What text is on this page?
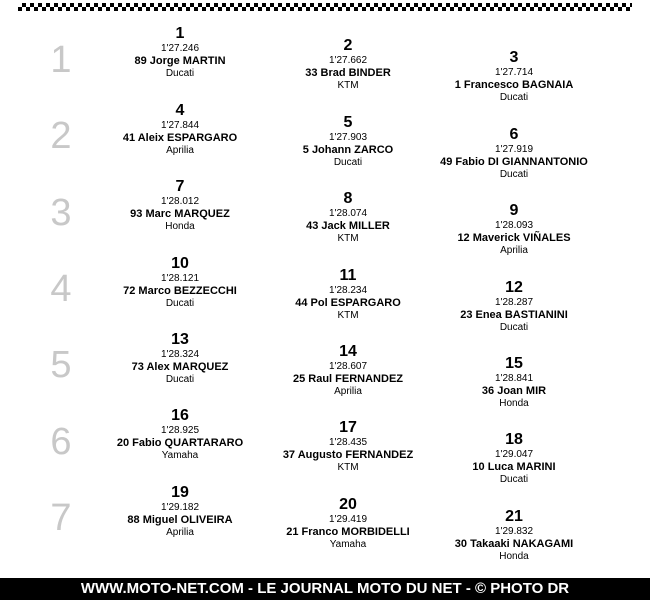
1
2
3
4
5
6
7
1
1'27.246
89 Jorge MARTIN
Ducati
2
1'27.662
33 Brad BINDER
KTM
3
1'27.714
1 Francesco BAGNAIA
Ducati
4
1'27.844
41 Aleix ESPARGARO
Aprilia
5
1'27.903
5 Johann ZARCO
Ducati
6
1'27.919
49 Fabio DI GIANNANTONIO
Ducati
7
1'28.012
93 Marc MARQUEZ
Honda
8
1'28.074
43 Jack MILLER
KTM
9
1'28.093
12 Maverick VIÑALES
Aprilia
10
1'28.121
72 Marco BEZZECCHI
Ducati
11
1'28.234
44 Pol ESPARGARO
KTM
12
1'28.287
23 Enea BASTIANINI
Ducati
13
1'28.324
73 Alex MARQUEZ
Ducati
14
1'28.607
25 Raul FERNANDEZ
Aprilia
15
1'28.841
36 Joan MIR
Honda
16
1'28.925
20 Fabio QUARTARARO
Yamaha
17
1'28.435
37 Augusto FERNANDEZ
KTM
18
1'29.047
10 Luca MARINI
Ducati
19
1'29.182
88 Miguel OLIVEIRA
Aprilia
20
1'29.419
21 Franco MORBIDELLI
Yamaha
21
1'29.832
30 Takaaki NAKAGAMI
Honda
WWW.MOTO-NET.COM - LE JOURNAL MOTO DU NET - © PHOTO DR
